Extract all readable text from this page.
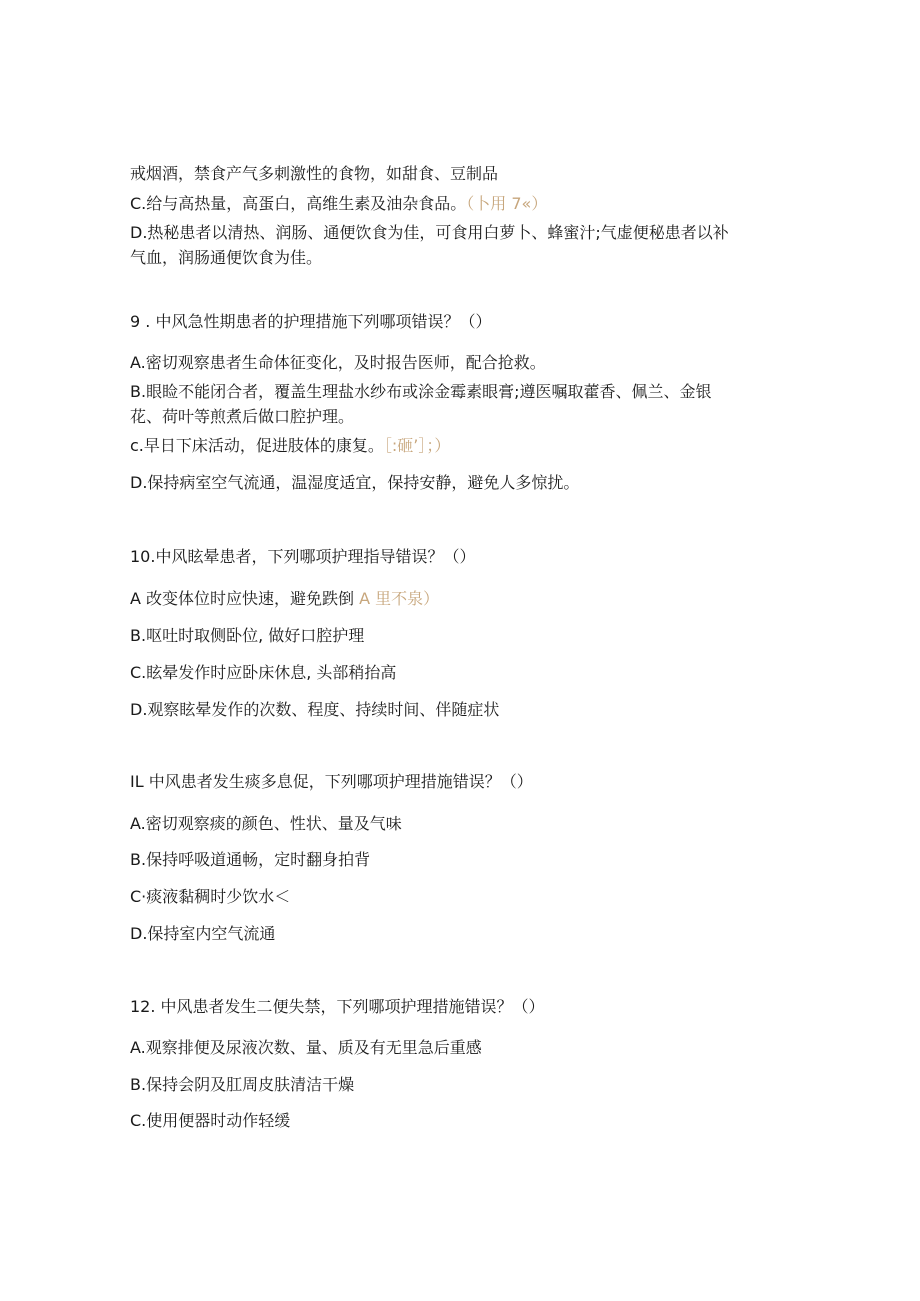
戒烟酒，禁食产气多刺激性的食物，如甜食、豆制品
C.给与高热量，高蛋白，高维生素及油杂食品。（卜用 7«）
D.热秘患者以清热、润肠、通便饮食为佳，可食用白萝卜、蜂蜜汁;气虚便秘患者以补
气血，润肠通便饮食为佳。
9 . 中风急性期患者的护理措施下列哪项错误？（）
A.密切观察患者生命体征变化，及时报告医师，配合抢救。
B.眼睑不能闭合者，覆盖生理盐水纱布或涂金霉素眼膏;遵医嘱取藿香、佩兰、金银
花、荷叶等煎煮后做口腔护理。
c.早日下床活动，促进肢体的康复。［:砸’］；）
D.保持病室空气流通，温湿度适宜，保持安静，避免人多惊扰。
10.中风眩晕患者，下列哪项护理指导错误？（）
A 改变体位时应快速，避免跌倒 A 里不泉）
B.呕吐时取侧卧位, 做好口腔护理
C.眩晕发作时应卧床休息, 头部稍抬高
D.观察眩晕发作的次数、程度、持续时间、伴随症状
IL 中风患者发生痰多息促，下列哪项护理措施错误？（）
A.密切观察痰的颜色、性状、量及气味
B.保持呼吸道通畅，定时翻身拍背
C·痰液黏稠时少饮水＜
D.保持室内空气流通
12. 中风患者发生二便失禁，下列哪项护理措施错误？（）
A.观察排便及尿液次数、量、质及有无里急后重感
B.保持会阴及肛周皮肤清洁干燥
C.使用便器时动作轻缓
